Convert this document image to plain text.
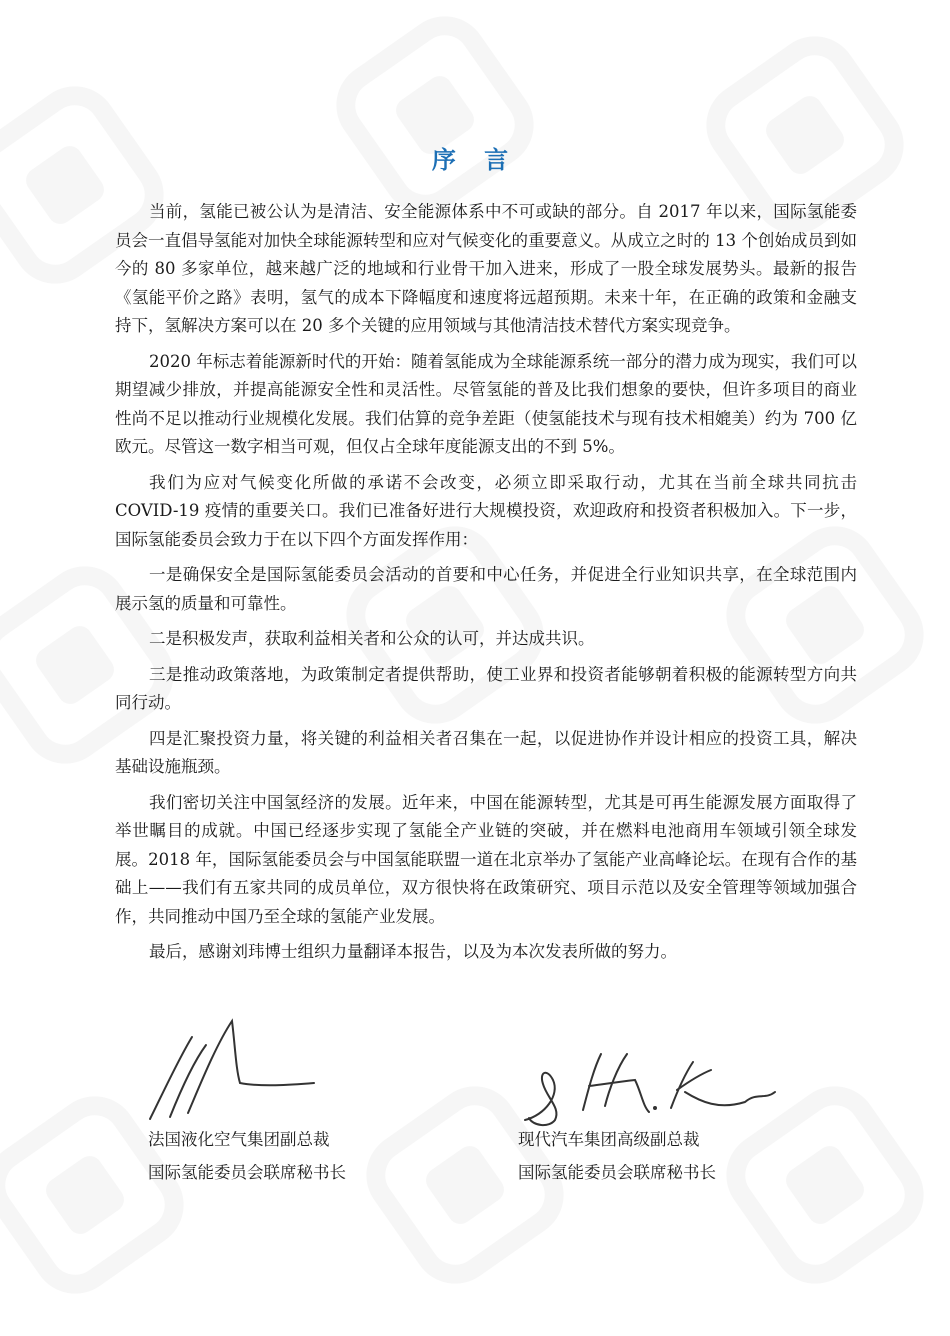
序 言

当前，氢能已被公认为是清洁、安全能源体系中不可或缺的部分。自 2017 年以来，国际氢能委员会一直倡导氢能对加快全球能源转型和应对气候变化的重要意义。从成立之时的 13 个创始成员到如今的 80 多家单位，越来越广泛的地域和行业骨干加入进来，形成了一股全球发展势头。最新的报告《氢能平价之路》表明，氢气的成本下降幅度和速度将远超预期。未来十年，在正确的政策和金融支持下，氢解决方案可以在 20 多个关键的应用领域与其他清洁技术替代方案实现竞争。

2020 年标志着能源新时代的开始：随着氢能成为全球能源系统一部分的潜力成为现实，我们可以期望减少排放，并提高能源安全性和灵活性。尽管氢能的普及比我们想象的要快，但许多项目的商业性尚不足以推动行业规模化发展。我们估算的竞争差距（使氢能技术与现有技术相媲美）约为 700 亿欧元。尽管这一数字相当可观，但仅占全球年度能源支出的不到 5%。

我们为应对气候变化所做的承诺不会改变，必须立即采取行动，尤其在当前全球共同抗击 COVID-19 疫情的重要关口。我们已准备好进行大规模投资，欢迎政府和投资者积极加入。下一步，国际氢能委员会致力于在以下四个方面发挥作用：

一是确保安全是国际氢能委员会活动的首要和中心任务，并促进全行业知识共享，在全球范围内展示氢的质量和可靠性。

二是积极发声，获取利益相关者和公众的认可，并达成共识。

三是推动政策落地，为政策制定者提供帮助，使工业界和投资者能够朝着积极的能源转型方向共同行动。

四是汇聚投资力量，将关键的利益相关者召集在一起，以促进协作并设计相应的投资工具，解决基础设施瓶颈。

我们密切关注中国氢经济的发展。近年来，中国在能源转型，尤其是可再生能源发展方面取得了举世瞩目的成就。中国已经逐步实现了氢能全产业链的突破，并在燃料电池商用车领域引领全球发展。2018 年，国际氢能委员会与中国氢能联盟一道在北京举办了氢能产业高峰论坛。在现有合作的基础上——我们有五家共同的成员单位，双方很快将在政策研究、项目示范以及安全管理等领域加强合作，共同推动中国乃至全球的氢能产业发展。

最后，感谢刘玮博士组织力量翻译本报告，以及为本次发表所做的努力。

法国液化空气集团副总裁
国际氢能委员会联席秘书长
现代汽车集团高级副总裁
国际氢能委员会联席秘书长
